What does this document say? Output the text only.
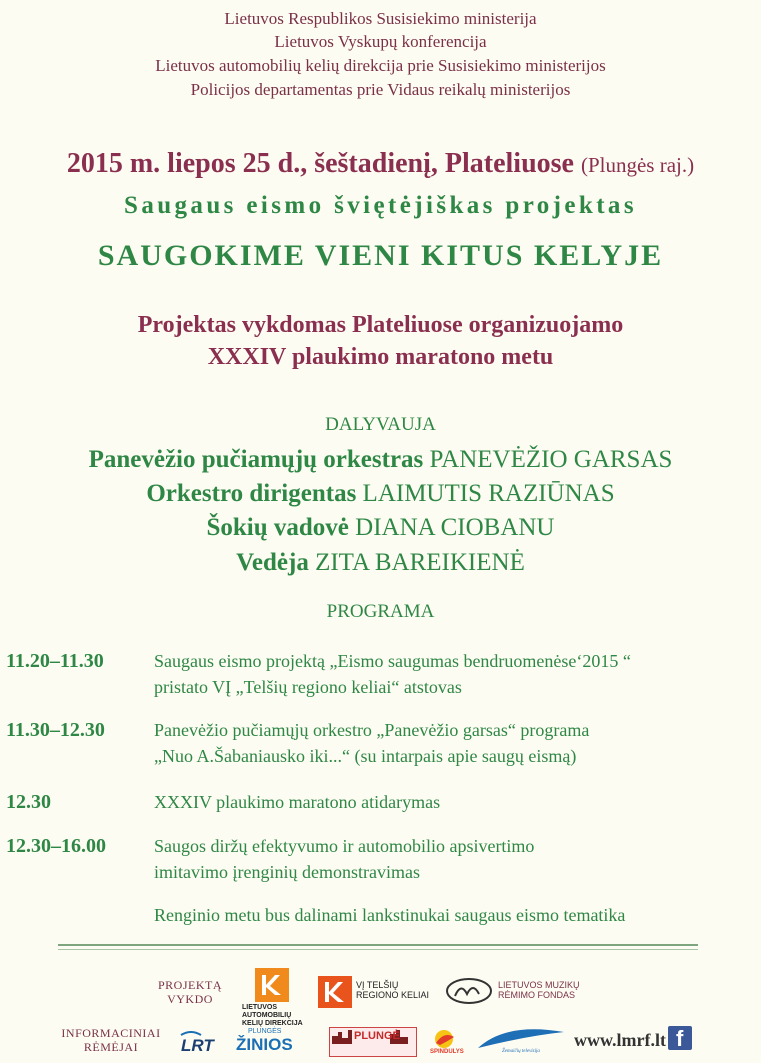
Lietuvos Respublikos Susisiekimo ministerija
Lietuvos Vyskupų konferencija
Lietuvos automobilių kelių direkcija prie Susisiekimo ministerijos
Policijos departamentas prie Vidaus reikalų ministerijos
2015 m. liepos 25 d., šeštadienį, Plateliuose (Plungės raj.)
Saugaus eismo šviętėjiškas projektas
SAUGOKIME VIENI KITUS KELYJE
Projektas vykdomas Plateliuose organizuojamo
XXXIV plaukimo maratono metu
DALYVAUJA
Panevėžio pučiamųjų orkestras PANEVĖŽIO GARSAS
Orkestro dirigentas LAIMUTIS RAZIŪNAS
Šokių vadovė DIANA CIOBANU
Vedėja ZITA BAREIKIENĖ
PROGRAMA
11.20–11.30	Saugaus eismo projektą „Eismo saugumas bendruomenėse‘2015 “
pristato VĮ „Telšių regiono keliai“ atstovas
11.30–12.30	Panevėžio pučiamųjų orkestro „Panevėžio garsas“ programa
„Nuo A.Šabaniausko iki...“ (su intarpais apie saugų eismą)
12.30	XXXIV plaukimo maratono atidarymas
12.30–16.00	Saugos diržų efektyvumo ir automobilio apsivertimo
imitavimo įrenginių demonstravimas
Renginio metu bus dalinami lankstinukai saugaus eismo tematika
PROJEKTĄ
VYKDO
LIETUVOS AUTOMOBILIŲ
KELIŲ DIREKCIJA
VĮ TELŠIŲ
REGIONO KELIAI
LIETUVOS MUZIKŲ
RĖMIMO FONDAS
INFORMACINIAI
RĖMĖJAI	LRT
PLUNGĖS
ŽINIOS	PLUNGĖ
SPINDULYS	Žemaičių televizija
www.lmrf.lt f
